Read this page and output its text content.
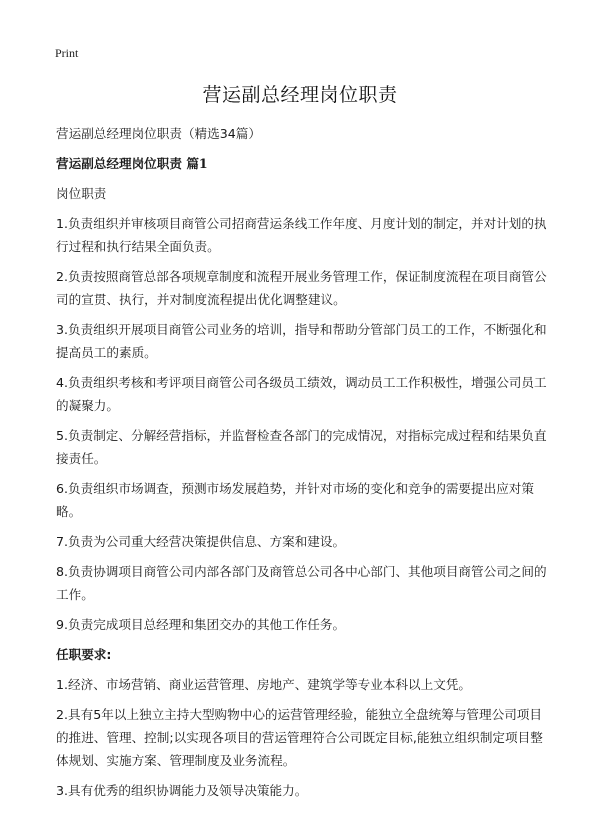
Print
营运副总经理岗位职责

营运副总经理岗位职责（精选34篇）

营运副总经理岗位职责 篇1

岗位职责

1.负责组织并审核项目商管公司招商营运条线工作年度、月度计划的制定，并对计划的执行过程和执行结果全面负责。

2.负责按照商管总部各项规章制度和流程开展业务管理工作，保证制度流程在项目商管公司的宣贯、执行，并对制度流程提出优化调整建议。

3.负责组织开展项目商管公司业务的培训，指导和帮助分管部门员工的工作，不断强化和提高员工的素质。

4.负责组织考核和考评项目商管公司各级员工绩效，调动员工工作积极性，增强公司员工的凝聚力。

5.负责制定、分解经营指标，并监督检查各部门的完成情况，对指标完成过程和结果负直接责任。

6.负责组织市场调查，预测市场发展趋势，并针对市场的变化和竞争的需要提出应对策略。

7.负责为公司重大经营决策提供信息、方案和建设。

8.负责协调项目商管公司内部各部门及商管总公司各中心部门、其他项目商管公司之间的工作。

9.负责完成项目总经理和集团交办的其他工作任务。

任职要求:

1.经济、市场营销、商业运营管理、房地产、建筑学等专业本科以上文凭。

2.具有5年以上独立主持大型购物中心的运营管理经验，能独立全盘统筹与管理公司项目的推进、管理、控制;以实现各项目的营运管理符合公司既定目标,能独立组织制定项目整体规划、实施方案、管理制度及业务流程。

3.具有优秀的组织协调能力及领导决策能力。
